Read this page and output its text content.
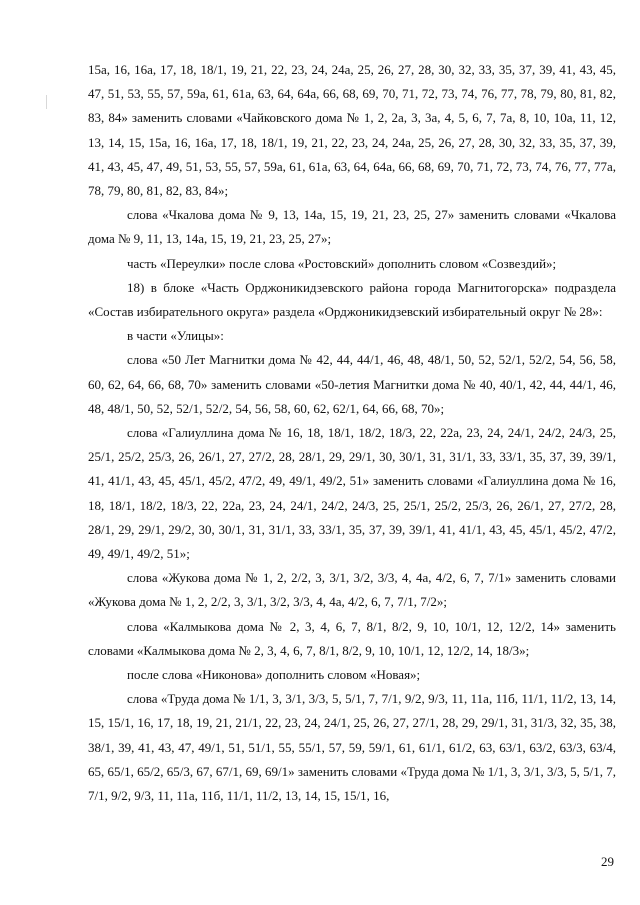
15а, 16, 16а, 17, 18, 18/1, 19, 21, 22, 23, 24, 24а, 25, 26, 27, 28, 30, 32, 33, 35, 37, 39, 41, 43, 45, 47, 51, 53, 55, 57, 59а, 61, 61а, 63, 64, 64а, 66, 68, 69, 70, 71, 72, 73, 74, 76, 77, 78, 79, 80, 81, 82, 83, 84» заменить словами «Чайковского дома № 1, 2, 2а, 3, 3а, 4, 5, 6, 7, 7а, 8, 10, 10а, 11, 12, 13, 14, 15, 15а, 16, 16а, 17, 18, 18/1, 19, 21, 22, 23, 24, 24а, 25, 26, 27, 28, 30, 32, 33, 35, 37, 39, 41, 43, 45, 47, 49, 51, 53, 55, 57, 59а, 61, 61а, 63, 64, 64а, 66, 68, 69, 70, 71, 72, 73, 74, 76, 77, 77а, 78, 79, 80, 81, 82, 83, 84»;

слова «Чкалова дома № 9, 13, 14а, 15, 19, 21, 23, 25, 27» заменить словами «Чкалова дома № 9, 11, 13, 14а, 15, 19, 21, 23, 25, 27»;

часть «Переулки» после слова «Ростовский» дополнить словом «Созвездий»;

18) в блоке «Часть Орджоникидзевского района города Магнитогорска» подраздела «Состав избирательного округа» раздела «Орджоникидзевский избирательный округ № 28»:

в части «Улицы»:

слова «50 Лет Магнитки дома № 42, 44, 44/1, 46, 48, 48/1, 50, 52, 52/1, 52/2, 54, 56, 58, 60, 62, 64, 66, 68, 70» заменить словами «50-летия Магнитки дома № 40, 40/1, 42, 44, 44/1, 46, 48, 48/1, 50, 52, 52/1, 52/2, 54, 56, 58, 60, 62, 62/1, 64, 66, 68, 70»;

слова «Галиуллина дома № 16, 18, 18/1, 18/2, 18/3, 22, 22а, 23, 24, 24/1, 24/2, 24/3, 25, 25/1, 25/2, 25/3, 26, 26/1, 27, 27/2, 28, 28/1, 29, 29/1, 30, 30/1, 31, 31/1, 33, 33/1, 35, 37, 39, 39/1, 41, 41/1, 43, 45, 45/1, 45/2, 47/2, 49, 49/1, 49/2, 51» заменить словами «Галиуллина дома № 16, 18, 18/1, 18/2, 18/3, 22, 22а, 23, 24, 24/1, 24/2, 24/3, 25, 25/1, 25/2, 25/3, 26, 26/1, 27, 27/2, 28, 28/1, 29, 29/1, 29/2, 30, 30/1, 31, 31/1, 33, 33/1, 35, 37, 39, 39/1, 41, 41/1, 43, 45, 45/1, 45/2, 47/2, 49, 49/1, 49/2, 51»;

слова «Жукова дома № 1, 2, 2/2, 3, 3/1, 3/2, 3/3, 4, 4а, 4/2, 6, 7, 7/1» заменить словами «Жукова дома № 1, 2, 2/2, 3, 3/1, 3/2, 3/3, 4, 4а, 4/2, 6, 7, 7/1, 7/2»;

слова «Калмыкова дома № 2, 3, 4, 6, 7, 8/1, 8/2, 9, 10, 10/1, 12, 12/2, 14» заменить словами «Калмыкова дома № 2, 3, 4, 6, 7, 8/1, 8/2, 9, 10, 10/1, 12, 12/2, 14, 18/3»;

после слова «Никонова» дополнить словом «Новая»;

слова «Труда дома № 1/1, 3, 3/1, 3/3, 5, 5/1, 7, 7/1, 9/2, 9/3, 11, 11а, 11б, 11/1, 11/2, 13, 14, 15, 15/1, 16, 17, 18, 19, 21, 21/1, 22, 23, 24, 24/1, 25, 26, 27, 27/1, 28, 29, 29/1, 31, 31/3, 32, 35, 38, 38/1, 39, 41, 43, 47, 49/1, 51, 51/1, 55, 55/1, 57, 59, 59/1, 61, 61/1, 61/2, 63, 63/1, 63/2, 63/3, 63/4, 65, 65/1, 65/2, 65/3, 67, 67/1, 69, 69/1» заменить словами «Труда дома № 1/1, 3, 3/1, 3/3, 5, 5/1, 7, 7/1, 9/2, 9/3, 11, 11а, 11б, 11/1, 11/2, 13, 14, 15, 15/1, 16,

29
